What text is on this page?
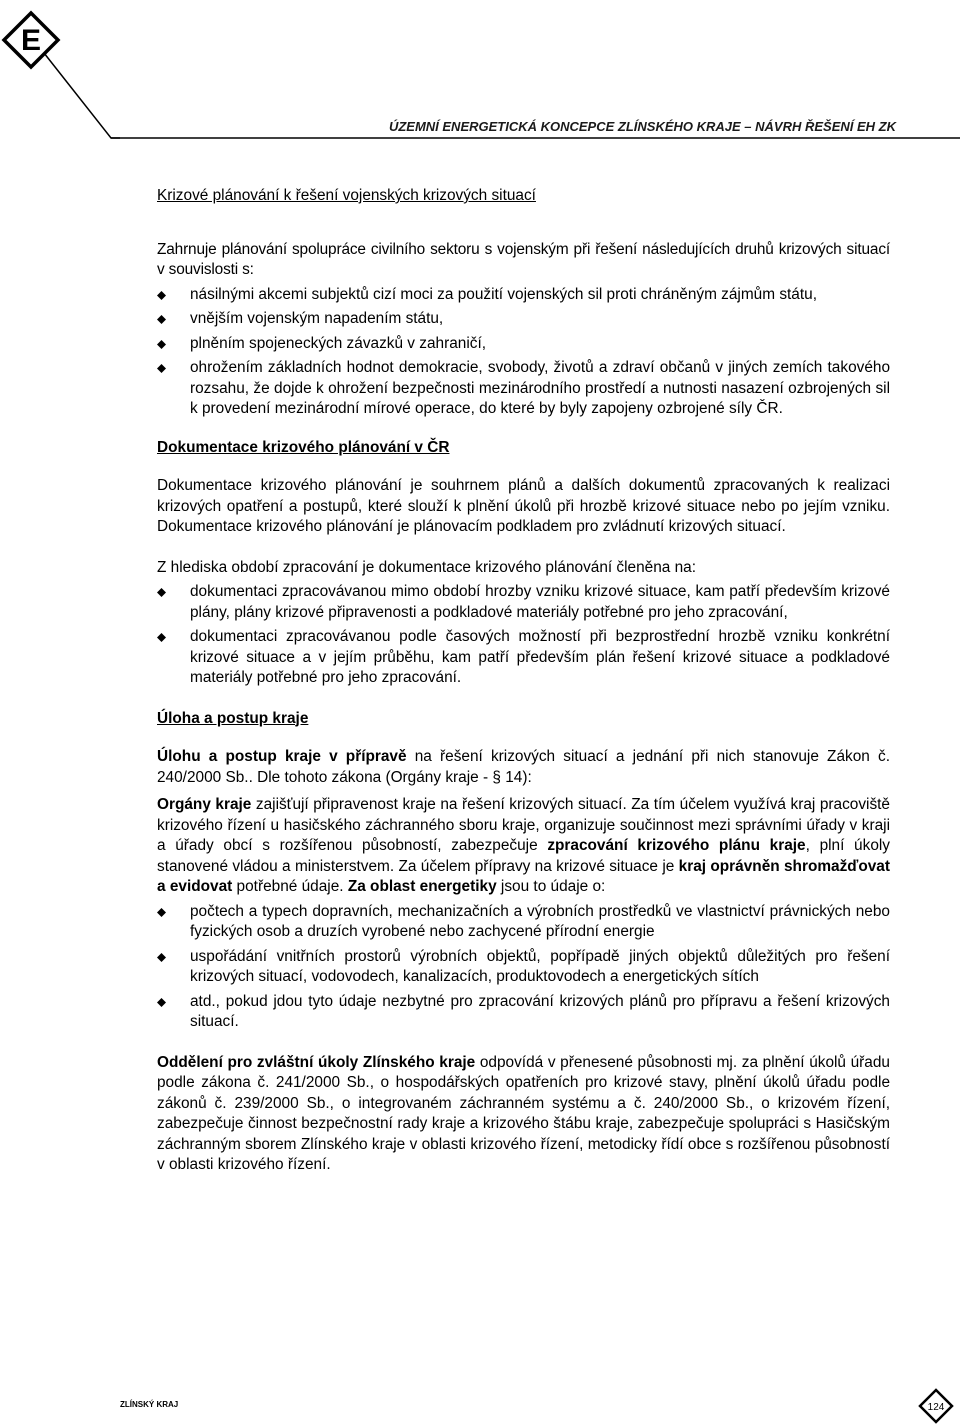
E
ÚZEMNÍ ENERGETICKÁ KONCEPCE ZLÍNSKÉHO KRAJE – NÁVRH ŘEŠENÍ EH ZK
Krizové plánování k řešení vojenských krizových situací

Zahrnuje plánování spolupráce civilního sektoru s vojenským při řešení následujících druhů krizových situací v souvislosti s:

násilnými akcemi subjektů cizí moci za použití vojenských sil proti chráněným zájmům státu,
vnějším vojenským napadením státu,
plněním spojeneckých závazků v zahraničí,
ohrožením základních hodnot demokracie, svobody, životů a zdraví občanů v jiných zemích takového rozsahu, že dojde k ohrožení bezpečnosti mezinárodního prostředí a nutnosti nasazení ozbrojených sil k provedení mezinárodní mírové operace, do které by byly zapojeny ozbrojené síly ČR.
Dokumentace krizového plánování v ČR

Dokumentace krizového plánování je souhrnem plánů a dalších dokumentů zpracovaných k realizaci krizových opatření a postupů, které slouží k plnění úkolů při hrozbě krizové situace nebo po jejím vzniku. Dokumentace krizového plánování je plánovacím podkladem pro zvládnutí krizových situací.

Z hlediska období zpracování je dokumentace krizového plánování členěna na:

dokumentaci zpracovávanou mimo období hrozby vzniku krizové situace, kam patří především krizové plány, plány krizové připravenosti a podkladové materiály potřebné pro jeho zpracování,
dokumentaci zpracovávanou podle časových možností při bezprostřední hrozbě vzniku konkrétní krizové situace a v jejím průběhu, kam patří především plán řešení krizové situace a podkladové materiály potřebné pro jeho zpracování.
Úloha a postup kraje

Úlohu a postup kraje v přípravě na řešení krizových situací a jednání při nich stanovuje Zákon č. 240/2000 Sb.. Dle tohoto zákona (Orgány kraje - § 14):

Orgány kraje zajišťují připravenost kraje na řešení krizových situací. Za tím účelem využívá kraj pracoviště krizového řízení u hasičského záchranného sboru kraje, organizuje součinnost mezi správními úřady v kraji a úřady obcí s rozšířenou působností, zabezpečuje zpracování krizového plánu kraje, plní úkoly stanovené vládou a ministerstvem. Za účelem přípravy na krizové situace je kraj oprávněn shromažďovat a evidovat potřebné údaje. Za oblast energetiky jsou to údaje o:

počtech a typech dopravních, mechanizačních a výrobních prostředků ve vlastnictví právnických nebo fyzických osob a druzích vyrobené nebo zachycené přírodní energie
uspořádání vnitřních prostorů výrobních objektů, popřípadě jiných objektů důležitých pro řešení krizových situací, vodovodech, kanalizacích, produktovodech a energetických sítích
atd., pokud jdou tyto údaje nezbytné pro zpracování krizových plánů pro přípravu a řešení krizových situací.

Oddělení pro zvláštní úkoly Zlínského kraje odpovídá v přenesené působnosti mj. za plnění úkolů úřadu podle zákona č. 241/2000 Sb., o hospodářských opatřeních pro krizové stavy, plnění úkolů úřadu podle zákonů č. 239/2000 Sb., o integrovaném záchranném systému a č. 240/2000 Sb., o krizovém řízení, zabezpečuje činnost bezpečnostní rady kraje a krizového štábu kraje, zabezpečuje spolupráci s Hasičským záchranným sborem Zlínského kraje v oblasti krizového řízení, metodicky řídí obce s rozšířenou působností v oblasti krizového řízení.

ZLÍNSKÝ KRAJ	124
